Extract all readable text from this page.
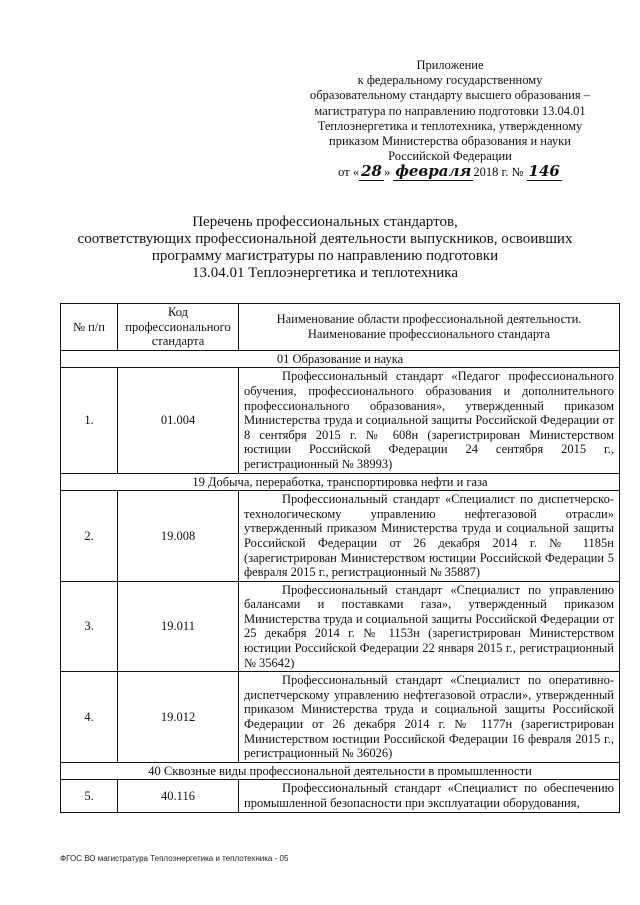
Приложение
к федеральному государственному
образовательному стандарту высшего образования –
магистратура по направлению подготовки 13.04.01
Теплоэнергетика и теплотехника, утвержденному
приказом Министерства образования и науки
Российской Федерации
от « 28 » февраля 2018 г. № 146
Перечень профессиональных стандартов,
соответствующих профессиональной деятельности выпускников, освоивших
программу магистратуры по направлению подготовки
13.04.01 Теплоэнергетика и теплотехника
№ п/п	Код профессионального стандарта	Наименование области профессиональной деятельности. Наименование профессионального стандарта
01 Образование и наука		
1.	01.004	Профессиональный стандарт «Педагог профессионального обучения, профессионального образования и дополнительного профессионального образования», утвержденный приказом Министерства труда и социальной защиты Российской Федерации от 8 сентября 2015 г. № 608н (зарегистрирован Министерством юстиции Российской Федерации 24 сентября 2015 г., регистрационный № 38993)
19 Добыча, переработка, транспортировка нефти и газа		
2.	19.008	Профессиональный стандарт «Специалист по диспетчерско-технологическому управлению нефтегазовой отрасли» утвержденный приказом Министерства труда и социальной защиты Российской Федерации от 26 декабря 2014 г. № 1185н (зарегистрирован Министерством юстиции Российской Федерации 5 февраля 2015 г., регистрационный № 35887)
3.	19.011	Профессиональный стандарт «Специалист по управлению балансами и поставками газа», утвержденный приказом Министерства труда и социальной защиты Российской Федерации от 25 декабря 2014 г. № 1153н (зарегистрирован Министерством юстиции Российской Федерации 22 января 2015 г., регистрационный № 35642)
4.	19.012	Профессиональный стандарт «Специалист по оперативно-диспетчерскому управлению нефтегазовой отрасли», утвержденный приказом Министерства труда и социальной защиты Российской Федерации от 26 декабря 2014 г. № 1177н (зарегистрирован Министерством юстиции Российской Федерации 16 февраля 2015 г., регистрационный № 36026)
40 Сквозные виды профессиональной деятельности в промышленности		
5.	40.116	Профессиональный стандарт «Специалист по обеспечению промышленной безопасности при эксплуатации оборудования,
ФГОС ВО магистратура Теплоэнергетика и теплотехника - 05
